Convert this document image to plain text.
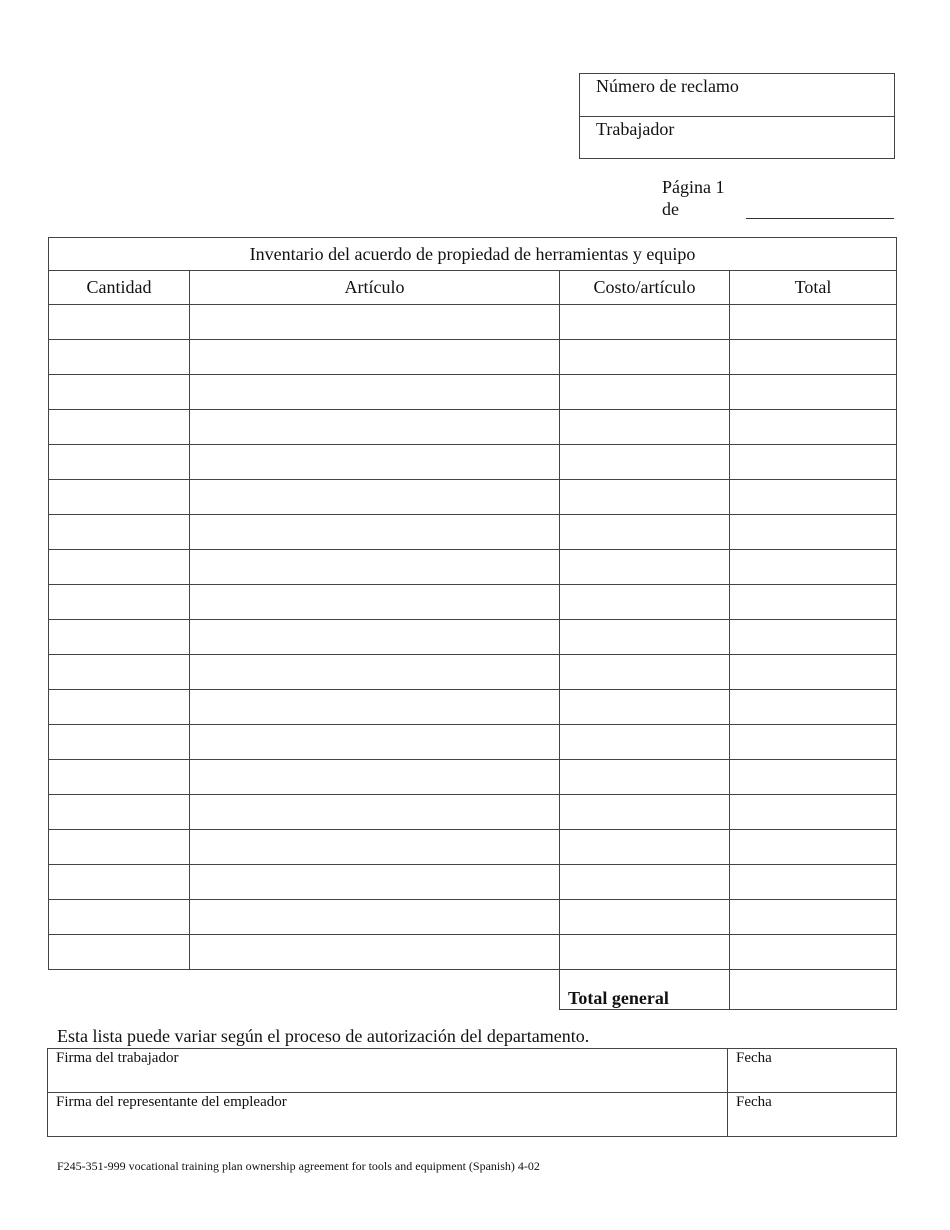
Número de reclamo
Trabajador
Página 1
de
Inventario del acuerdo de propiedad de herramientas y equipo			
Cantidad	Artículo	Costo/artículo	Total

		Total general	
Esta lista puede variar según el proceso de autorización del departamento.
Firma del trabajador	Fecha
Firma del representante del empleador	Fecha
F245-351-999 vocational training plan ownership agreement for tools and equipment (Spanish) 4-02
